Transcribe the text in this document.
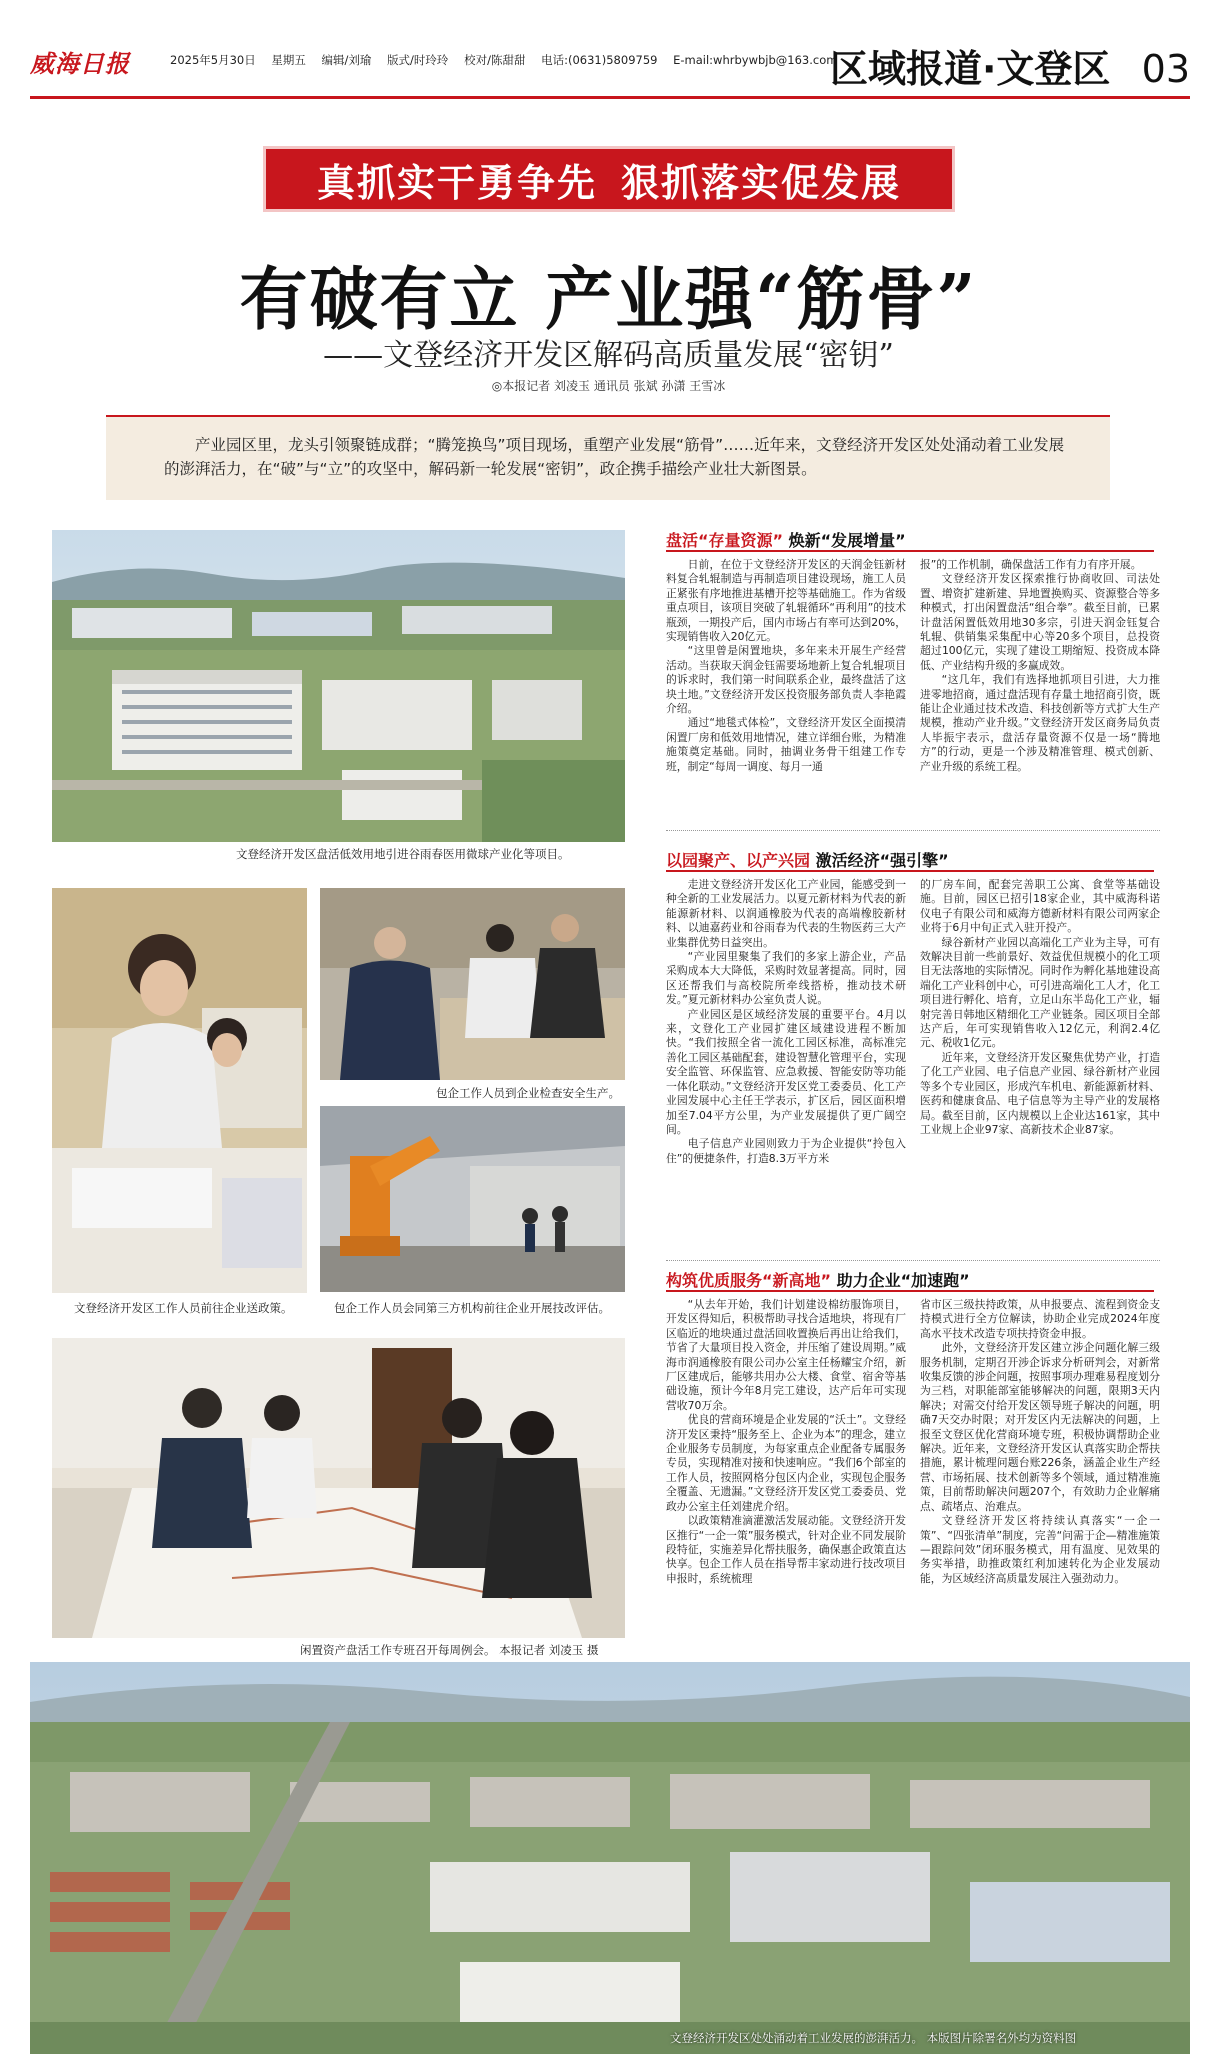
威海日报	2025年5月30日 星期五 编辑/刘瑜 版式/时玲玲 校对/陈甜甜 电话:(0631)5809759 E-mail:whrbywbjb@163.com
区域报道·文登区 03
真抓实干勇争先 狠抓落实促发展
有破有立 产业强“筋骨”
——文登经济开发区解码高质量发展“密钥”
◎本报记者 刘凌玉 通讯员 张斌 孙潇 王雪冰
产业园区里，龙头引领聚链成群；“腾笼换鸟”项目现场，重塑产业发展“筋骨”……近年来，文登经济开发区处处涌动着工业发展的澎湃活力，在“破”与“立”的攻坚中，解码新一轮发展“密钥”，政企携手描绘产业壮大新图景。
文登经济开发区盘活低效用地引进谷雨春医用微球产业化等项目。
文登经济开发区工作人员前往企业送政策。
包企工作人员到企业检查安全生产。
包企工作人员会同第三方机构前往企业开展技改评估。
闲置资产盘活工作专班召开每周例会。 本报记者 刘凌玉 摄
文登经济开发区处处涌动着工业发展的澎湃活力。 本版图片除署名外均为资料图
盘活“存量资源” 焕新“发展增量”

日前，在位于文登经济开发区的天润金钰新材料复合轧辊制造与再制造项目建设现场，施工人员正紧张有序地推进基槽开挖等基础施工。作为省级重点项目，该项目突破了轧辊循环“再利用”的技术瓶颈，一期投产后，国内市场占有率可达到20%，实现销售收入20亿元。

“这里曾是闲置地块，多年来未开展生产经营活动。当获取天润金钰需要场地新上复合轧辊项目的诉求时，我们第一时间联系企业，最终盘活了这块土地。”文登经济开发区投资服务部负责人李艳霞介绍。

通过“地毯式体检”，文登经济开发区全面摸清闲置厂房和低效用地情况，建立详细台账，为精准施策奠定基础。同时，抽调业务骨干组建工作专班，制定“每周一调度、每月一通

报”的工作机制，确保盘活工作有力有序开展。

文登经济开发区探索推行协商收回、司法处置、增资扩建新建、异地置换购买、资源整合等多种模式，打出闲置盘活“组合拳”。截至目前，已累计盘活闲置低效用地30多宗，引进天润金钰复合轧辊、供销集采集配中心等20多个项目，总投资超过100亿元，实现了建设工期缩短、投资成本降低、产业结构升级的多赢成效。

“这几年，我们有选择地抓项目引进，大力推进零地招商，通过盘活现有存量土地招商引资，既能让企业通过技术改造、科技创新等方式扩大生产规模，推动产业升级。”文登经济开发区商务局负责人毕振宇表示，盘活存量资源不仅是一场“腾地方”的行动，更是一个涉及精准管理、模式创新、产业升级的系统工程。

以园聚产、以产兴园 激活经济“强引擎”

走进文登经济开发区化工产业园，能感受到一种全新的工业发展活力。以夏元新材料为代表的新能源新材料、以润通橡胶为代表的高端橡胶新材料、以迪嘉药业和谷雨春为代表的生物医药三大产业集群优势日益突出。

“产业园里聚集了我们的多家上游企业，产品采购成本大大降低，采购时效显著提高。同时，园区还帮我们与高校院所牵线搭桥，推动技术研发。”夏元新材料办公室负责人说。

产业园区是区域经济发展的重要平台。4月以来，文登化工产业园扩建区域建设进程不断加快。“我们按照全省一流化工园区标准，高标准完善化工园区基础配套，建设智慧化管理平台，实现安全监管、环保监管、应急救援、智能安防等功能一体化联动。”文登经济开发区党工委委员、化工产业园发展中心主任王学表示，扩区后，园区面积增加至7.04平方公里，为产业发展提供了更广阔空间。

电子信息产业园则致力于为企业提供“拎包入住”的便捷条件，打造8.3万平方米

的厂房车间，配套完善职工公寓、食堂等基础设施。目前，园区已招引18家企业，其中威海科诺仪电子有限公司和威海方德新材料有限公司两家企业将于6月中旬正式入驻开投产。

绿谷新材产业园以高端化工产业为主导，可有效解决目前一些前景好、效益优但规模小的化工项目无法落地的实际情况。同时作为孵化基地建设高端化工产业科创中心，可引进高端化工人才，化工项目进行孵化、培育，立足山东半岛化工产业，辐射完善日韩地区精细化工产业链条。园区项目全部达产后，年可实现销售收入12亿元，利润2.4亿元、税收1亿元。

近年来，文登经济开发区聚焦优势产业，打造了化工产业园、电子信息产业园、绿谷新材产业园等多个专业园区，形成汽车机电、新能源新材料、医药和健康食品、电子信息等为主导产业的发展格局。截至目前，区内规模以上企业达161家，其中工业规上企业97家、高新技术企业87家。

构筑优质服务“新高地” 助力企业“加速跑”

“从去年开始，我们计划建设棉纺服饰项目，开发区得知后，积极帮助寻找合适地块，将现有厂区临近的地块通过盘活回收置换后再出让给我们，节省了大量项目投入资金，并压缩了建设周期。”威海市润通橡胶有限公司办公室主任杨耀宝介绍，新厂区建成后，能够共用办公大楼、食堂、宿舍等基础设施，预计今年8月完工建设，达产后年可实现营收70万余。

优良的营商环境是企业发展的“沃土”。文登经济开发区秉持“服务至上、企业为本”的理念，建立企业服务专员制度，为每家重点企业配备专属服务专员，实现精准对接和快速响应。“我们6个部室的工作人员，按照网格分包区内企业，实现包企服务全覆盖、无遗漏。”文登经济开发区党工委委员、党政办公室主任刘建虎介绍。

以政策精准滴灌激活发展动能。文登经济开发区推行“一企一策”服务模式，针对企业不同发展阶段特征，实施差异化帮扶服务，确保惠企政策直达快享。包企工作人员在指导帮丰家动进行技改项目申报时，系统梳理

省市区三级扶持政策，从申报要点、流程到资金支持模式进行全方位解读，协助企业完成2024年度高水平技术改造专项扶持资金申报。

此外，文登经济开发区建立涉企问题化解三级服务机制，定期召开涉企诉求分析研判会，对新常收集反馈的涉企问题，按照事项办理难易程度划分为三档，对职能部室能够解决的问题，限期3天内解决；对需交付给开发区领导班子解决的问题，明确7天交办时限；对开发区内无法解决的问题，上报至文登区优化营商环境专班，积极协调帮助企业解决。近年来，文登经济开发区认真落实助企帮扶措施，累计梳理问题台账226条，涵盖企业生产经营、市场拓展、技术创新等多个领域，通过精准施策，目前帮助解决问题207个，有效助力企业解痛点、疏堵点、治难点。

文登经济开发区将持续认真落实“一企一策”、“四张清单”制度，完善“问需于企—精准施策—跟踪问效”闭环服务模式，用有温度、见效果的务实举措，助推政策红利加速转化为企业发展动能，为区域经济高质量发展注入强劲动力。
